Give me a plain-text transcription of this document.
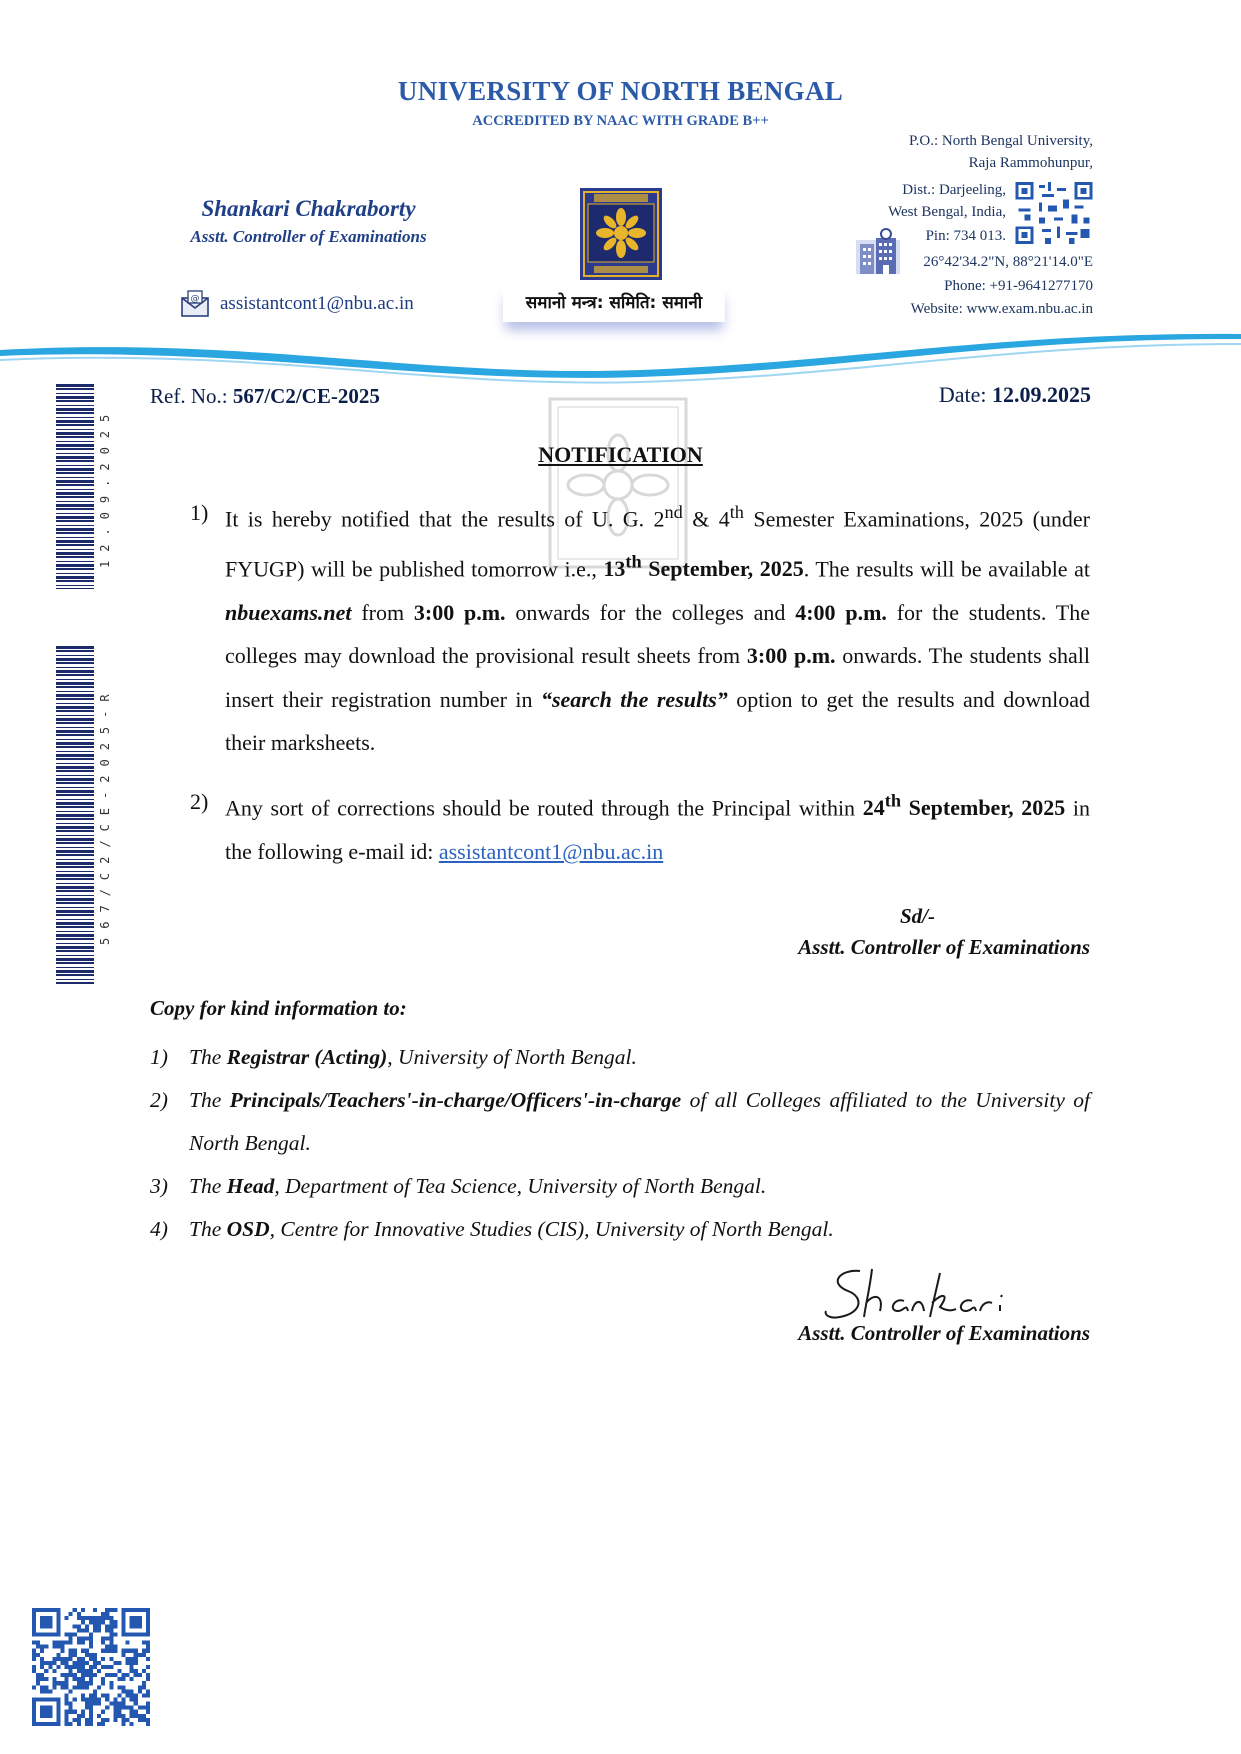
UNIVERSITY OF NORTH BENGAL
ACCREDITED BY NAAC WITH GRADE B++
Shankari Chakraborty
Asstt. Controller of Examinations
@ assistantcont1@nbu.ac.in	समानो मन्त्र: समिति: समानी
P.O.: North Bengal University,
Raja Rammohunpur,
Dist.: Darjeeling,
West Bengal, India,
Pin: 734 013.
26°42'34.2"N, 88°21'14.0"E
Phone: +91-9641277170
Website: www.exam.nbu.ac.in
12.09.2025
567/C2/CE-2025-R
Ref. No.: 567/C2/CE-2025	Date: 12.09.2025
NOTIFICATION
1) It is hereby notified that the results of U. G. 2nd & 4th Semester Examinations, 2025 (under FYUGP) will be published tomorrow i.e., 13th September, 2025. The results will be available at nbuexams.net from 3:00 p.m. onwards for the colleges and 4:00 p.m. for the students. The colleges may download the provisional result sheets from 3:00 p.m. onwards. The students shall insert their registration number in “search the results” option to get the results and download their marksheets.
2) Any sort of corrections should be routed through the Principal within 24th September, 2025 in the following e-mail id: assistantcont1@nbu.ac.in
Sd/-
Asstt. Controller of Examinations
Copy for kind information to:
1) The Registrar (Acting), University of North Bengal.
2) The Principals/Teachers'-in-charge/Officers'-in-charge of all Colleges affiliated to the University of North Bengal.
3) The Head, Department of Tea Science, University of North Bengal.
4) The OSD, Centre for Innovative Studies (CIS), University of North Bengal.
Asstt. Controller of Examinations
